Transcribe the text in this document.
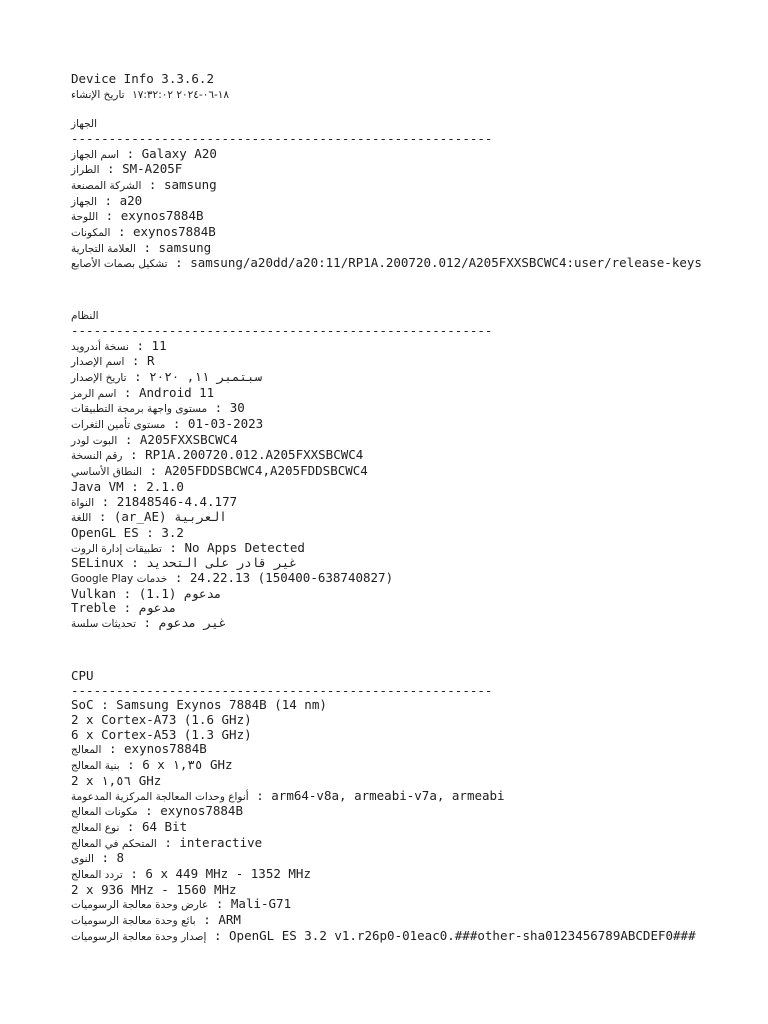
Device Info 3.3.6.2
تاريخ الإنشاء ١٨-٠٦-٢٠٢٤ ١٧:٣٢:٠٢
الجهاز
--------------------------------------------------------
اسم الجهاز : Galaxy A20
الطراز : SM-A205F
الشركة المصنعة : samsung
الجهاز : a20
اللوحة : exynos7884B
المكونات : exynos7884B
العلامة التجارية : samsung
تشكيل بصمات الأصابع : samsung/a20dd/a20:11/RP1A.200720.012/A205FXXSBCWC4:user/release-keys
النظام
--------------------------------------------------------
نسخة أندرويد : 11
اسم الإصدار : R
تاريخ الإصدار : سبتمبر ١١, ٢٠٢٠
اسم الرمز : Android 11
مستوى واجهة برمجة التطبيقات : 30
مستوى تأمين الثغرات : 01-03-2023
البوت لودر : A205FXXSBCWC4
رقم النسخة : RP1A.200720.012.A205FXXSBCWC4
النطاق الأساسي : A205FDDSBCWC4,A205FDDSBCWC4
Java VM : 2.1.0
النواة : 21848546-4.4.177
اللغة : العربية (ar_AE)
OpenGL ES : 3.2
تطبيقات إدارة الروت : No Apps Detected
SELinux : غير قادر على التحديد
خدمات Google Play : 24.22.13 (150400-638740827)
Vulkan : مدعوم (1.1)
Treble : مدعوم
تحديثات سلسة : غير مدعوم
CPU
--------------------------------------------------------
SoC : Samsung Exynos 7884B (14 nm)
2 x Cortex-A73 (1.6 GHz)
6 x Cortex-A53 (1.3 GHz)
المعالج : exynos7884B
بنية المعالج : 6 x ١,٣٥ GHz
2 x ١,٥٦ GHz
أنواع وحدات المعالجة المركزية المدعومة : arm64-v8a, armeabi-v7a, armeabi
مكونات المعالج : exynos7884B
نوع المعالج : 64 Bit
المتحكم في المعالج : interactive
النوى : 8
تردد المعالج : 6 x 449 MHz - 1352 MHz
2 x 936 MHz - 1560 MHz
عارض وحدة معالجة الرسوميات : Mali-G71
بائع وحدة معالجة الرسوميات : ARM
إصدار وحدة معالجة الرسوميات : OpenGL ES 3.2 v1.r26p0-01eac0.###other-sha0123456789ABCDEF0###
